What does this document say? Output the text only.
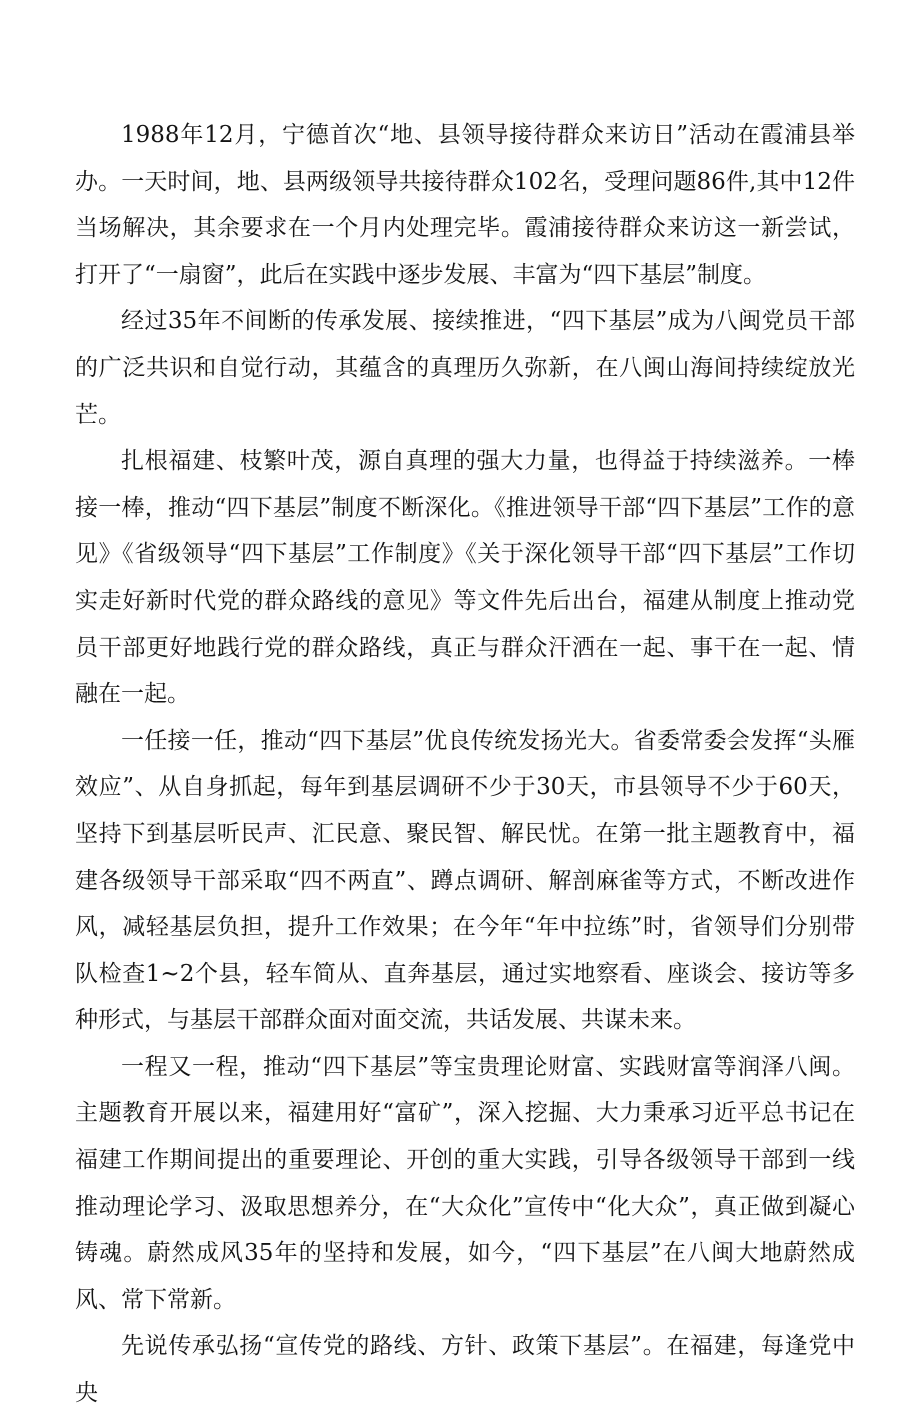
1988年12月，宁德首次“地、县领导接待群众来访日”活动在霞浦县举办。一天时间，地、县两级领导共接待群众102名，受理问题86件,其中12件当场解决，其余要求在一个月内处理完毕。霞浦接待群众来访这一新尝试，打开了“一扇窗”，此后在实践中逐步发展、丰富为“四下基层”制度。

经过35年不间断的传承发展、接续推进，“四下基层”成为八闽党员干部的广泛共识和自觉行动，其蕴含的真理历久弥新，在八闽山海间持续绽放光芒。

扎根福建、枝繁叶茂，源自真理的强大力量，也得益于持续滋养。一棒接一棒，推动“四下基层”制度不断深化。《推进领导干部“四下基层”工作的意见》《省级领导“四下基层”工作制度》《关于深化领导干部“四下基层”工作切实走好新时代党的群众路线的意见》等文件先后出台，福建从制度上推动党员干部更好地践行党的群众路线，真正与群众汗洒在一起、事干在一起、情融在一起。

一任接一任，推动“四下基层”优良传统发扬光大。省委常委会发挥“头雁效应”、从自身抓起，每年到基层调研不少于30天，市县领导不少于60天，坚持下到基层听民声、汇民意、聚民智、解民忧。在第一批主题教育中，福建各级领导干部采取“四不两直”、蹲点调研、解剖麻雀等方式，不断改进作风，减轻基层负担，提升工作效果；在今年“年中拉练”时，省领导们分别带队检查1~2个县，轻车简从、直奔基层，通过实地察看、座谈会、接访等多种形式，与基层干部群众面对面交流，共话发展、共谋未来。

一程又一程，推动“四下基层”等宝贵理论财富、实践财富等润泽八闽。主题教育开展以来，福建用好“富矿”，深入挖掘、大力秉承习近平总书记在福建工作期间提出的重要理论、开创的重大实践，引导各级领导干部到一线推动理论学习、汲取思想养分，在“大众化”宣传中“化大众”，真正做到凝心铸魂。蔚然成风35年的坚持和发展，如今，“四下基层”在八闽大地蔚然成风、常下常新。

先说传承弘扬“宣传党的路线、方针、政策下基层”。在福建，每逢党中央
